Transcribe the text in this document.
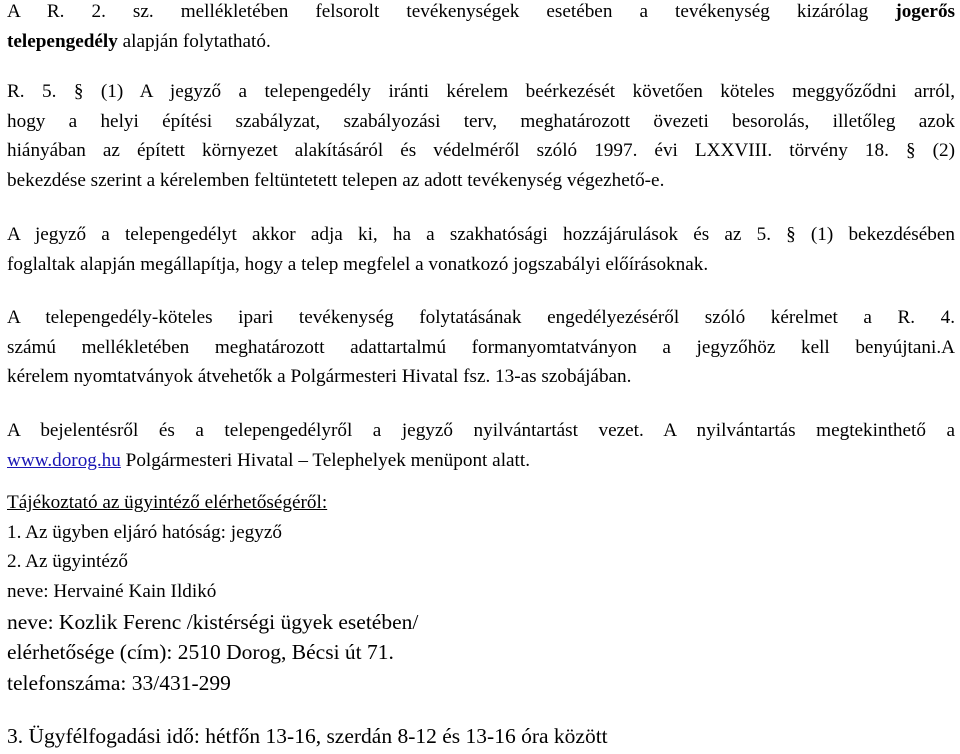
A R. 2. sz. mellékletében felsorolt tevékenységek esetében a tevékenység kizárólag jogerős
telepengedély alapján folytatható.

R. 5. § (1) A jegyző a telepengedély iránti kérelem beérkezését követően köteles meggyőződni arról,
hogy a helyi építési szabályzat, szabályozási terv, meghatározott övezeti besorolás, illetőleg azok
hiányában az épített környezet alakításáról és védelméről szóló 1997. évi LXXVIII. törvény 18. § (2)
bekezdése szerint a kérelemben feltüntetett telepen az adott tevékenység végezhető-e.

A jegyző a telepengedélyt akkor adja ki, ha a szakhatósági hozzájárulások és az 5. § (1) bekezdésében
foglaltak alapján megállapítja, hogy a telep megfelel a vonatkozó jogszabályi előírásoknak.

A telepengedély-köteles ipari tevékenység folytatásának engedélyezéséről szóló kérelmet a R. 4.
számú mellékletében meghatározott adattartalmú formanyomtatványon a jegyzőhöz kell benyújtani.A
kérelem nyomtatványok átvehetők a Polgármesteri Hivatal fsz. 13-as szobájában.

A bejelentésről és a telepengedélyről a jegyző nyilvántartást vezet. A nyilvántartás megtekinthető a
www.dorog.hu Polgármesteri Hivatal – Telephelyek menüpont alatt.

Tájékoztató az ügyintéző elérhetőségéről:
1. Az ügyben eljáró hatóság: jegyző
2. Az ügyintéző
neve: Hervainé Kain Ildikó
neve: Kozlik Ferenc /kistérségi ügyek esetében/
elérhetősége (cím): 2510 Dorog, Bécsi út 71.
telefonszáma: 33/431-299
3. Ügyfélfogadási idő: hétfőn 13-16, szerdán 8-12 és 13-16 óra között
